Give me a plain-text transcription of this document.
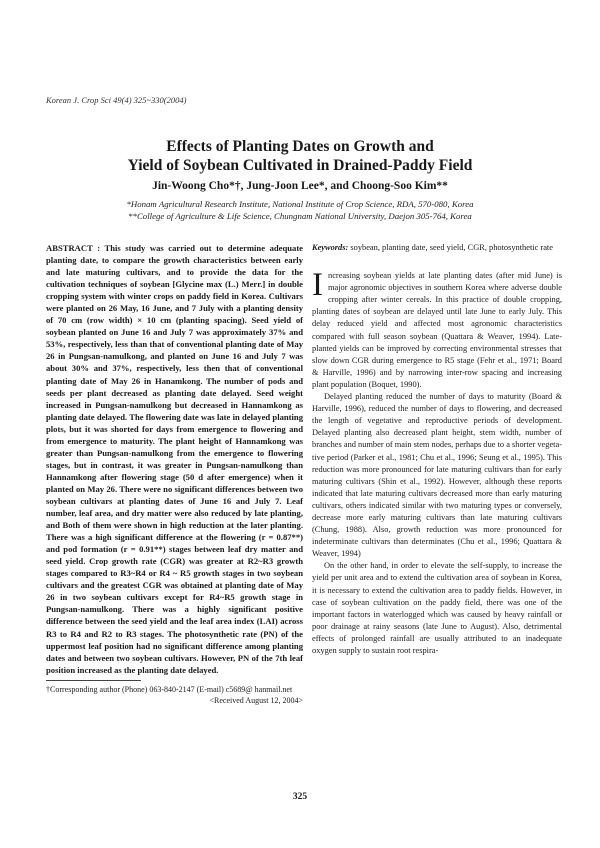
Korean J. Crop Sci 49(4) 325~330(2004)
Effects of Planting Dates on Growth and
Yield of Soybean Cultivated in Drained-Paddy Field
Jin-Woong Cho*†, Jung-Joon Lee*, and Choong-Soo Kim**
*Honam Agricultural Research Institute, National Institute of Crop Science, RDA, 570-080, Korea
**College of Agriculture & Life Science, Chungnam National University, Daejon 305-764, Korea
ABSTRACT : This study was carried out to determine adequate planting date, to compare the growth characteristics between early and late maturing cultivars, and to provide the data for the cultivation techniques of soybean [Glycine max (L.) Merr.] in double cropping system with winter crops on paddy field in Korea. Cultivars were planted on 26 May, 16 June, and 7 July with a planting density of 70 cm (row width) × 10 cm (planting spacing). Seed yield of soybean planted on June 16 and July 7 was approximately 37% and 53%, respectively, less than that of conventional planting date of May 26 in Pungsan-namulkong, and planted on June 16 and July 7 was about 30% and 37%, respectively, less then that of conventional planting date of May 26 in Hanamkong. The number of pods and seeds per plant decreased as planting date delayed. Seed weight increased in Pungsan-namulkong but decreased in Hannamkong as planting date delayed. The flowering date was late in delayed planting plots, but it was shorted for days from emergence to flowering and from emergence to maturity. The plant height of Hannamkong was greater than Pungsan-namulkong from the emergence to flowering stages, but in contrast, it was greater in Pungsan-namulkong than Hannamkong after flowering stage (50 d after emergence) when it planted on May 26. There were no significant differences between two soybean cultivars at planting dates of June 16 and July 7. Leaf number, leaf area, and dry matter were also reduced by late planting, and Both of them were shown in high reduction at the later planting. There was a high significant difference at the flowering (r = 0.87**) and pod formation (r = 0.91**) stages between leaf dry matter and seed yield. Crop growth rate (CGR) was greater at R2~R3 growth stages compared to R3~R4 or R4 ~ R5 growth stages in two soybean cultivars and the greatest CGR was obtained at planting date of May 26 in two soybean cultivars except for R4~R5 growth stage in Pungsan-namulkong. There was a highly significant positive difference between the seed yield and the leaf area index (LAI) across R3 to R4 and R2 to R3 stages. The photosynthetic rate (PN) of the uppermost leaf position had no significant difference among planting dates and between two soybean cultivars. However, PN of the 7th leaf position increased as the planting date delayed.
†Corresponding author (Phone) 063-840-2147 (E-mail) c5689@ hanmail.net
<Received August 12, 2004>
Keywords: soybean, planting date, seed yield, CGR, photosynthetic rate

Increasing soybean yields at late planting dates (after mid June) is major agronomic objectives in southern Korea where adverse double cropping after winter cereals. In this practice of double cropping, planting dates of soybean are delayed until late June to early July. This delay reduced yield and affected most agronomic characteristics compared with full season soybean (Quattara & Weaver, 1994). Late-planted yields can be improved by correcting environmental stresses that slow down CGR during emergence to R5 stage (Fehr et al., 1971; Board & Harville, 1996) and by narrowing inter-row spacing and increasing plant population (Boquet, 1990).

Delayed planting reduced the number of days to maturity (Board & Harville, 1996), reduced the number of days to flowering, and decreased the length of vegetative and reproductive periods of development. Delayed planting also decreased plant height, stem width, number of branches and number of main stem nodes, perhaps due to a shorter vegetative period (Parker et al., 1981; Chu et al., 1996; Seung et al., 1995). This reduction was more pronounced for late maturing cultivars than for early maturing cultivars (Shin et al., 1992). However, although these reports indicated that late maturing cultivars decreased more than early maturing cultivars, others indicated similar with two maturing types or conversely, decrease more early maturing cultivars than late maturing cultivars (Chung, 1988). Also, growth reduction was more pronounced for indeterminate cultivars than determinates (Chu et al., 1996; Quattara & Weaver, 1994)

On the other hand, in order to elevate the self-supply, to increase the yield per unit area and to extend the cultivation area of soybean in Korea, it is necessary to extend the cultivation area to paddy fields. However, in case of soybean cultivation on the paddy field, there was one of the important factors in waterlogged which was caused by heavy rainfall or poor drainage at rainy seasons (late June to August). Also, detrimental effects of prolonged rainfall are usually attributed to an inadequate oxygen supply to sustain root respira-

325
